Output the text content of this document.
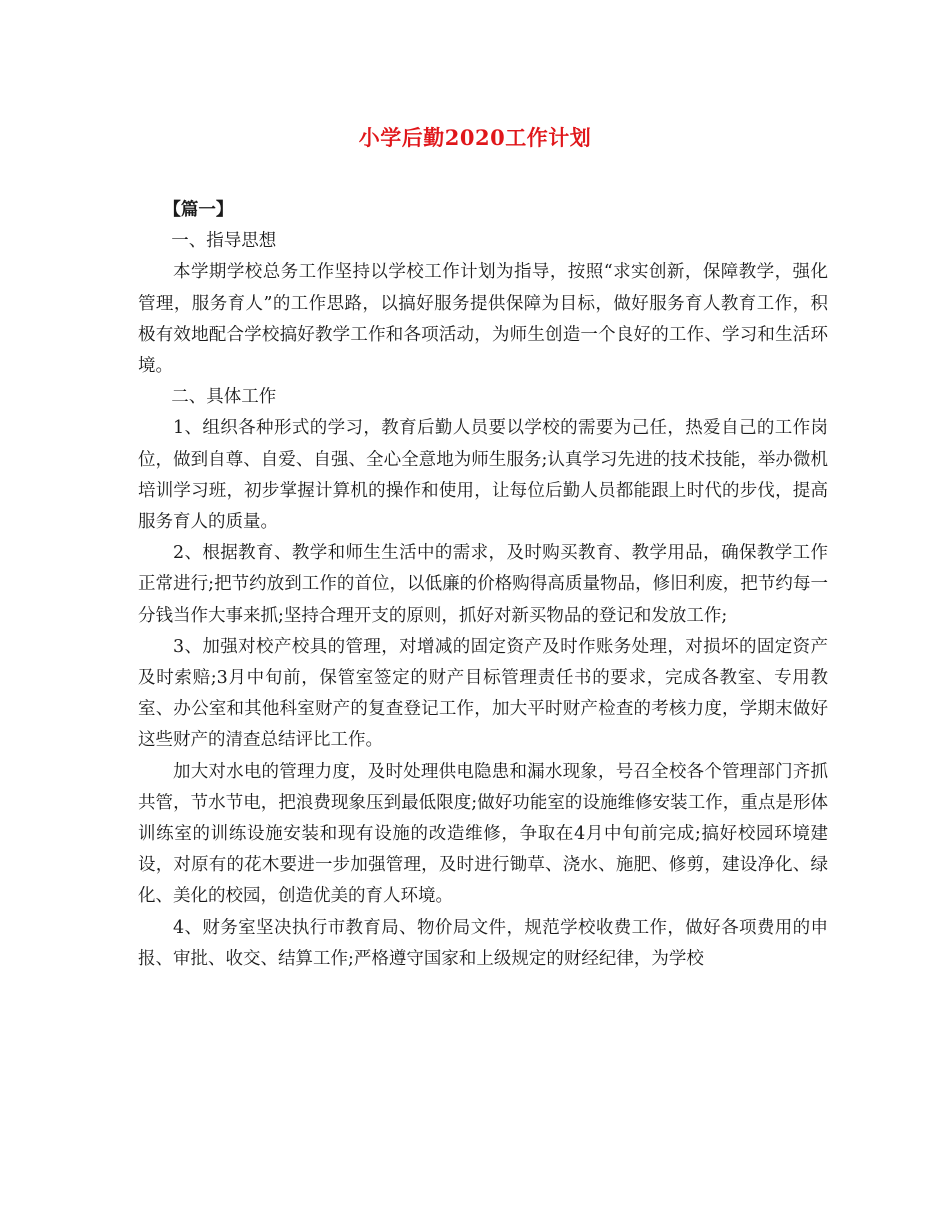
小学后勤2020工作计划

【篇一】

一、指导思想

本学期学校总务工作坚持以学校工作计划为指导，按照“求实创新，保障教学，强化管理，服务育人”的工作思路，以搞好服务提供保障为目标，做好服务育人教育工作，积极有效地配合学校搞好教学工作和各项活动，为师生创造一个良好的工作、学习和生活环境。

二、具体工作

1、组织各种形式的学习，教育后勤人员要以学校的需要为己任，热爱自己的工作岗位，做到自尊、自爱、自强、全心全意地为师生服务;认真学习先进的技术技能，举办微机培训学习班，初步掌握计算机的操作和使用，让每位后勤人员都能跟上时代的步伐，提高服务育人的质量。

2、根据教育、教学和师生生活中的需求，及时购买教育、教学用品，确保教学工作正常进行;把节约放到工作的首位，以低廉的价格购得高质量物品，修旧利废，把节约每一分钱当作大事来抓;坚持合理开支的原则，抓好对新买物品的登记和发放工作;

3、加强对校产校具的管理，对增减的固定资产及时作账务处理，对损坏的固定资产及时索赔;3月中旬前，保管室签定的财产目标管理责任书的要求，完成各教室、专用教室、办公室和其他科室财产的复查登记工作，加大平时财产检查的考核力度，学期末做好这些财产的清查总结评比工作。

加大对水电的管理力度，及时处理供电隐患和漏水现象，号召全校各个管理部门齐抓共管，节水节电，把浪费现象压到最低限度;做好功能室的设施维修安装工作，重点是形体训练室的训练设施安装和现有设施的改造维修，争取在4月中旬前完成;搞好校园环境建设，对原有的花木要进一步加强管理，及时进行锄草、浇水、施肥、修剪，建设净化、绿化、美化的校园，创造优美的育人环境。

4、财务室坚决执行市教育局、物价局文件，规范学校收费工作，做好各项费用的申报、审批、收交、结算工作;严格遵守国家和上级规定的财经纪律，为学校
